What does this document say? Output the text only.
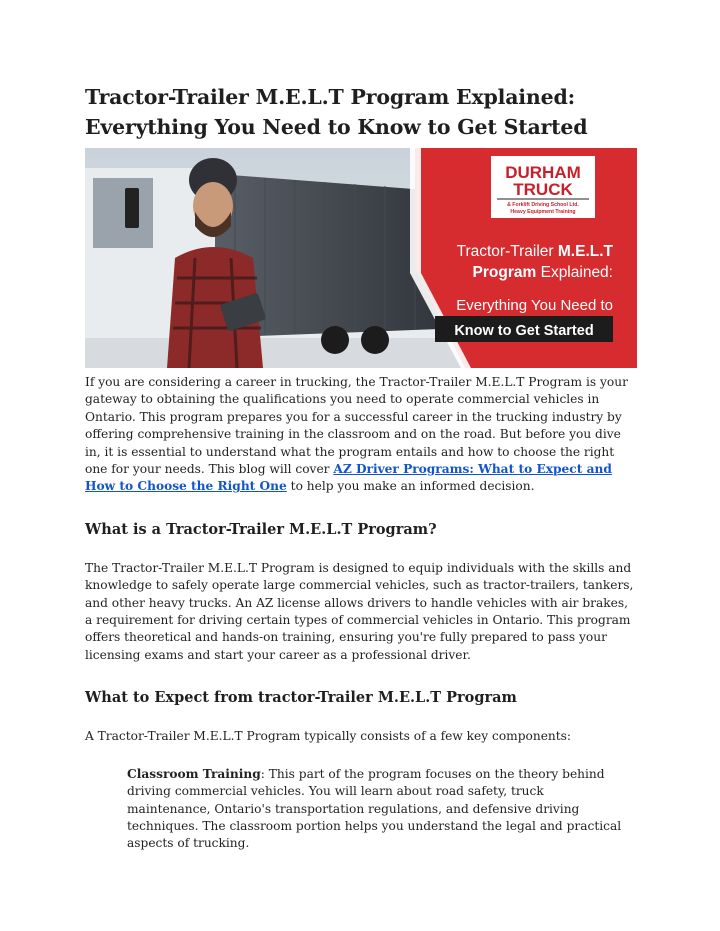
Tractor-Trailer M.E.L.T Program Explained:
Everything You Need to Know to Get Started
DURHAM
TRUCK
& Forklift Driving School Ltd.
Heavy Equipment Training
Tractor-Trailer M.E.L.T
Program Explained:
Everything You Need to
Know to Get Started

If you are considering a career in trucking, the Tractor-Trailer M.E.L.T Program is your gateway to obtaining the qualifications you need to operate commercial vehicles in Ontario. This program prepares you for a successful career in the trucking industry by offering comprehensive training in the classroom and on the road. But before you dive in, it is essential to understand what the program entails and how to choose the right one for your needs. This blog will cover AZ Driver Programs: What to Expect and How to Choose the Right One to help you make an informed decision.

What is a Tractor-Trailer M.E.L.T Program?

The Tractor-Trailer M.E.L.T Program is designed to equip individuals with the skills and knowledge to safely operate large commercial vehicles, such as tractor-trailers, tankers, and other heavy trucks. An AZ license allows drivers to handle vehicles with air brakes, a requirement for driving certain types of commercial vehicles in Ontario. This program offers theoretical and hands-on training, ensuring you're fully prepared to pass your licensing exams and start your career as a professional driver.

What to Expect from tractor-Trailer M.E.L.T Program

A Tractor-Trailer M.E.L.T Program typically consists of a few key components:

Classroom Training: This part of the program focuses on the theory behind driving commercial vehicles. You will learn about road safety, truck maintenance, Ontario's transportation regulations, and defensive driving techniques. The classroom portion helps you understand the legal and practical aspects of trucking.
